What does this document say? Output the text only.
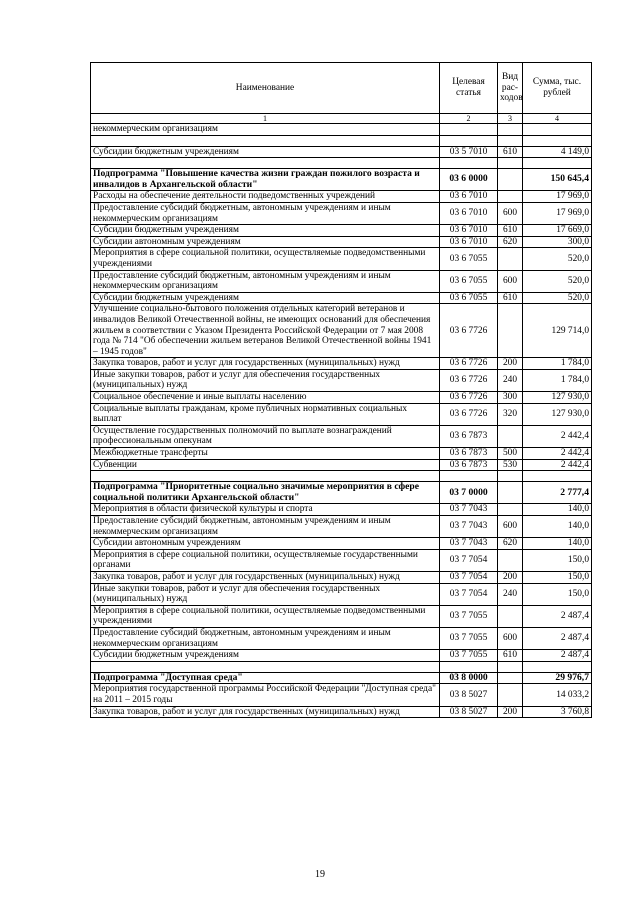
Наименование	Целевая статья	Вид рас-ходов	Сумма, тыс. рублей
1	2	3	4
некоммерческим организациям			

Субсидии бюджетным учреждениям	03 5 7010	610	4 149,0

Подпрограмма "Повышение качества жизни граждан пожилого возраста и инвалидов в Архангельской области"	03 6 0000		150 645,4
Расходы на обеспечение деятельности подведомственных учреждений	03 6 7010		17 969,0
Предоставление субсидий бюджетным, автономным учреждениям и иным некоммерческим организациям	03 6 7010	600	17 969,0
Субсидии бюджетным учреждениям	03 6 7010	610	17 669,0
Субсидии автономным учреждениям	03 6 7010	620	300,0
Мероприятия в сфере социальной политики, осуществляемые подведомственными учреждениями	03 6 7055		520,0
Предоставление субсидий бюджетным, автономным учреждениям и иным некоммерческим организациям	03 6 7055	600	520,0
Субсидии бюджетным учреждениям	03 6 7055	610	520,0
Улучшение социально-бытового положения отдельных категорий ветеранов и инвалидов Великой Отечественной войны, не имеющих оснований для обеспечения жильем в соответствии с Указом Президента Российской Федерации от 7 мая 2008 года № 714 "Об обеспечении жильем ветеранов Великой Отечественной войны 1941 – 1945 годов"	03 6 7726		129 714,0
Закупка товаров, работ и услуг для государственных (муниципальных) нужд	03 6 7726	200	1 784,0
Иные закупки товаров, работ и услуг для обеспечения государственных (муниципальных) нужд	03 6 7726	240	1 784,0
Социальное обеспечение и иные выплаты населению	03 6 7726	300	127 930,0
Социальные выплаты гражданам, кроме публичных нормативных социальных выплат	03 6 7726	320	127 930,0
Осуществление государственных полномочий по выплате вознаграждений профессиональным опекунам	03 6 7873		2 442,4
Межбюджетные трансферты	03 6 7873	500	2 442,4
Субвенции	03 6 7873	530	2 442,4

Подпрограмма "Приоритетные социально значимые мероприятия в сфере социальной политики Архангельской области"	03 7 0000		2 777,4
Мероприятия в области физической культуры и спорта	03 7 7043		140,0
Предоставление субсидий бюджетным, автономным учреждениям и иным некоммерческим организациям	03 7 7043	600	140,0
Субсидии автономным учреждениям	03 7 7043	620	140,0
Мероприятия в сфере социальной политики, осуществляемые государственными органами	03 7 7054		150,0
Закупка товаров, работ и услуг для государственных (муниципальных) нужд	03 7 7054	200	150,0
Иные закупки товаров, работ и услуг для обеспечения государственных (муниципальных) нужд	03 7 7054	240	150,0
Мероприятия в сфере социальной политики, осуществляемые подведомственными учреждениями	03 7 7055		2 487,4
Предоставление субсидий бюджетным, автономным учреждениям и иным некоммерческим организациям	03 7 7055	600	2 487,4
Субсидии бюджетным учреждениям	03 7 7055	610	2 487,4

Подпрограмма "Доступная среда"	03 8 0000		29 976,7
Мероприятия государственной программы Российской Федерации "Доступная среда" на 2011 – 2015 годы	03 8 5027		14 033,2
Закупка товаров, работ и услуг для государственных (муниципальных) нужд	03 8 5027	200	3 760,8
19
